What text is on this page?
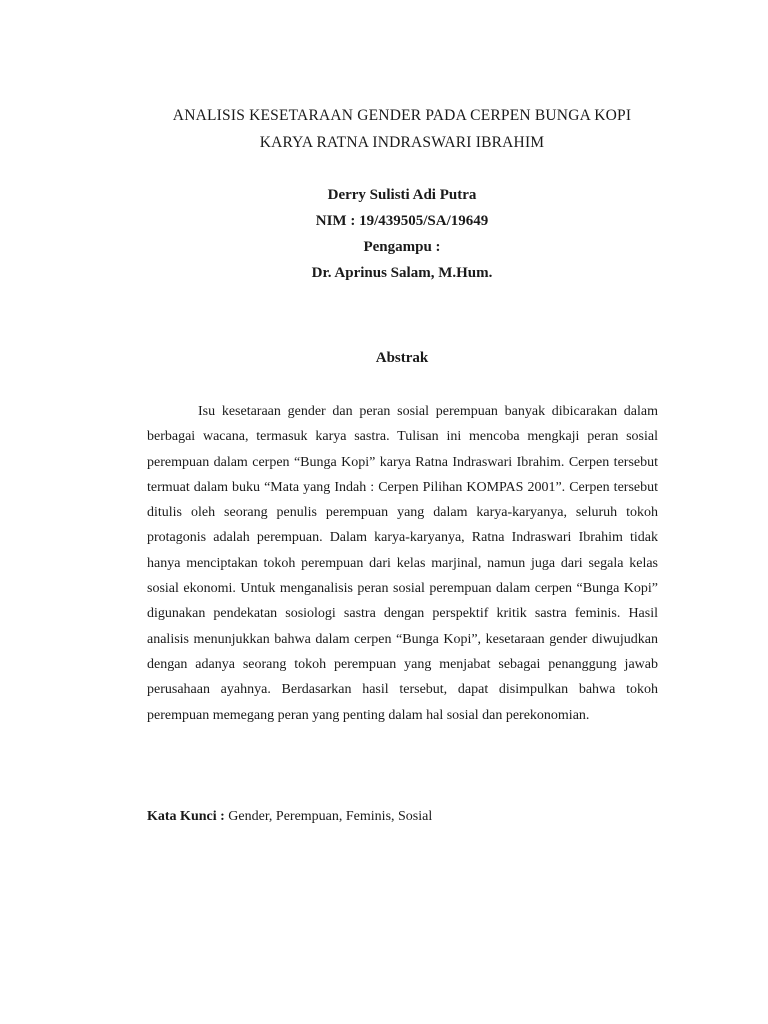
ANALISIS KESETARAAN GENDER PADA CERPEN BUNGA KOPI
KARYA RATNA INDRASWARI IBRAHIM
Derry Sulisti Adi Putra
NIM : 19/439505/SA/19649
Pengampu :
Dr. Aprinus Salam, M.Hum.
Abstrak

Isu kesetaraan gender dan peran sosial perempuan banyak dibicarakan dalam berbagai wacana, termasuk karya sastra. Tulisan ini mencoba mengkaji peran sosial perempuan dalam cerpen “Bunga Kopi” karya Ratna Indraswari Ibrahim. Cerpen tersebut termuat dalam buku “Mata yang Indah : Cerpen Pilihan KOMPAS 2001”. Cerpen tersebut ditulis oleh seorang penulis perempuan yang dalam karya-karyanya, seluruh tokoh protagonis adalah perempuan. Dalam karya-karyanya, Ratna Indraswari Ibrahim tidak hanya menciptakan tokoh perempuan dari kelas marjinal, namun juga dari segala kelas sosial ekonomi. Untuk menganalisis peran sosial perempuan dalam cerpen “Bunga Kopi” digunakan pendekatan sosiologi sastra dengan perspektif kritik sastra feminis. Hasil analisis menunjukkan bahwa dalam cerpen “Bunga Kopi”, kesetaraan gender diwujudkan dengan adanya seorang tokoh perempuan yang menjabat sebagai penanggung jawab perusahaan ayahnya. Berdasarkan hasil tersebut, dapat disimpulkan bahwa tokoh perempuan memegang peran yang penting dalam hal sosial dan perekonomian.

Kata Kunci : Gender, Perempuan, Feminis, Sosial
